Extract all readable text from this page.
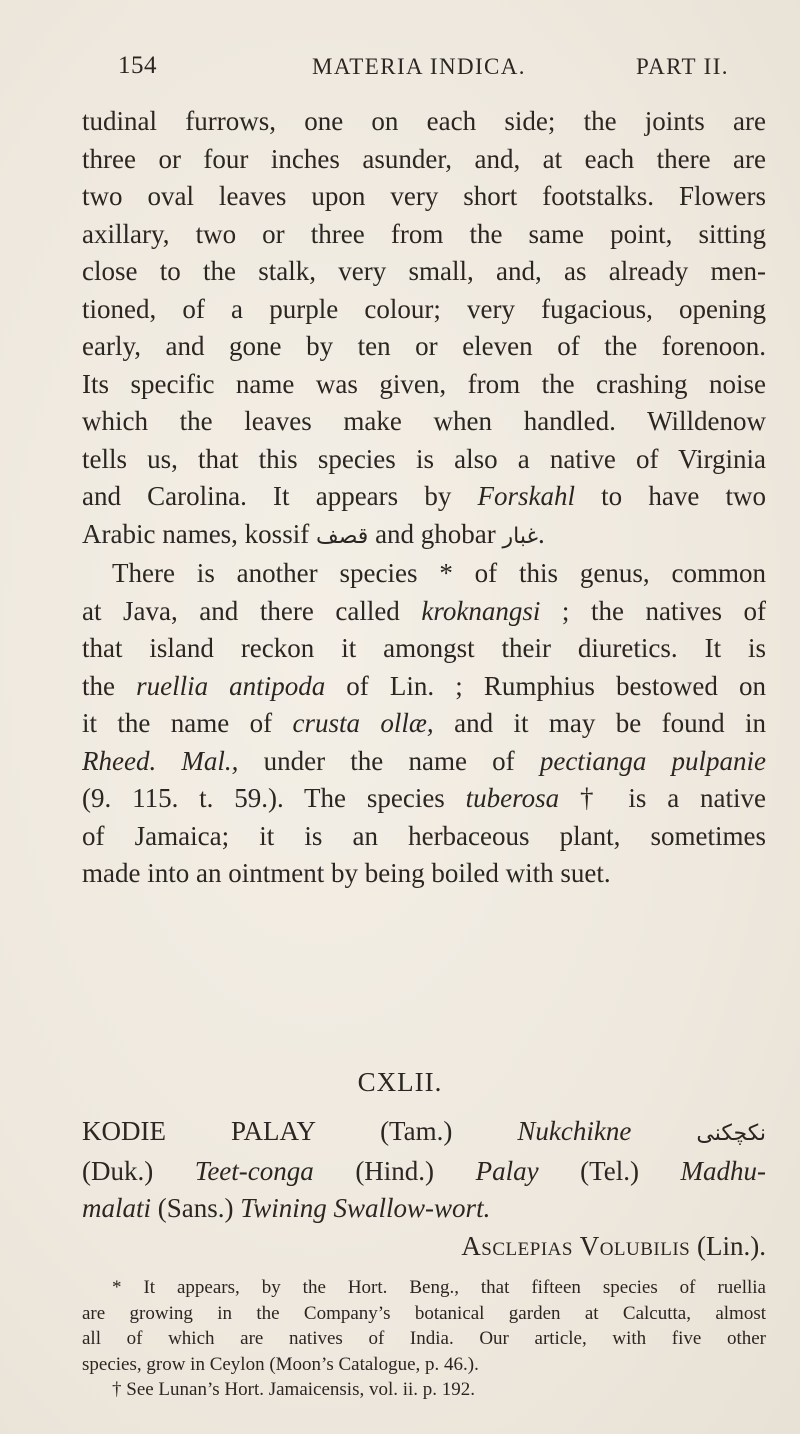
154	MATERIA INDICA.	PART II.
tudinal furrows, one on each side; the joints are
three or four inches asunder, and, at each there are
two oval leaves upon very short footstalks. Flowers
axillary, two or three from the same point, sitting
close to the stalk, very small, and, as already men-
tioned, of a purple colour; very fugacious, opening
early, and gone by ten or eleven of the forenoon.
Its specific name was given, from the crashing noise
which the leaves make when handled. Willdenow
tells us, that this species is also a native of Virginia
and Carolina. It appears by Forskahl to have two
Arabic names, kossif قصف and ghobar غبار.
There is another species * of this genus, common
at Java, and there called kroknangsi ; the natives of
that island reckon it amongst their diuretics. It is
the ruellia antipoda of Lin. ; Rumphius bestowed on
it the name of crusta ollæ, and it may be found in
Rheed. Mal., under the name of pectianga pulpanie
(9. 115. t. 59.). The species tuberosa † is a native
of Jamaica; it is an herbaceous plant, sometimes
made into an ointment by being boiled with suet.
CXLII.
KODIE PALAY (Tam.) Nukchikne	نکچکنی
(Duk.) Teet-conga (Hind.) Palay (Tel.) Madhu-
malati (Sans.) Twining Swallow-wort.
Asclepias Volubilis (Lin.).
* It appears, by the Hort. Beng., that fifteen species of ruellia
are growing in the Company’s botanical garden at Calcutta, almost
all of which are natives of India. Our article, with five other
species, grow in Ceylon (Moon’s Catalogue, p. 46.).
† See Lunan’s Hort. Jamaicensis, vol. ii. p. 192.
